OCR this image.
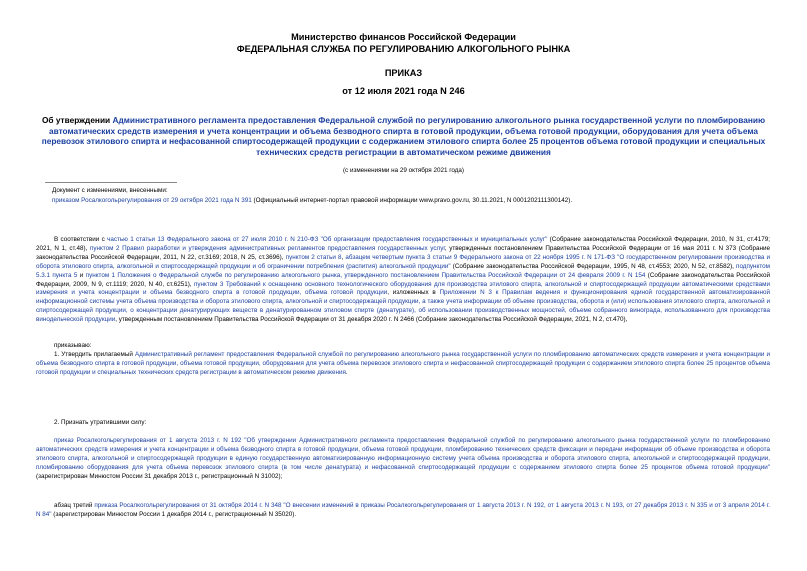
Министерство финансов Российской Федерации
ФЕДЕРАЛЬНАЯ СЛУЖБА ПО РЕГУЛИРОВАНИЮ АЛКОГОЛЬНОГО РЫНКА
ПРИКАЗ
от 12 июля 2021 года N 246
Об утверждении Административного регламента предоставления Федеральной службой по регулированию алкогольного рынка государственной услуги по пломбированию автоматических средств измерения и учета концентрации и объема безводного спирта в готовой продукции, объема готовой продукции, оборудования для учета объема перевозок этилового спирта и нефасованной спиртосодержащей продукции с содержанием этилового спирта более 25 процентов объема готовой продукции и специальных технических средств регистрации в автоматическом режиме движения
(с изменениями на 29 октября 2021 года)
Документ с изменениями, внесенными:
приказом Росалкогольрегулирования от 29 октября 2021 года N 391 (Официальный интернет-портал правовой информации www.pravo.gov.ru, 30.11.2021, N 0001202111300142).
В соответствии с частью 1 статьи 13 Федерального закона от 27 июля 2010 г. N 210-ФЗ "Об организации предоставления государственных и муниципальных услуг" (Собрание законодательства Российской Федерации, 2010, N 31, ст.4179; 2021, N 1, ст.48), пунктом 2 Правил разработки и утверждения административных регламентов предоставления государственных услуг, утвержденных постановлением Правительства Российской Федерации от 16 мая 2011 г. N 373 (Собрание законодательства Российской Федерации, 2011, N 22, ст.3169; 2018, N 25, ст.3696), пунктом 2 статьи 8, абзацем четвертым пункта 3 статьи 9 Федерального закона от 22 ноября 1995 г. N 171-ФЗ "О государственном регулировании производства и оборота этилового спирта, алкогольной и спиртосодержащей продукции и об ограничении потребления (распития) алкогольной продукции" (Собрание законодательства Российской Федерации, 1995, N 48, ст.4553; 2020, N 52, ст.8582), подпунктом 5.3.1 пункта 5 и пунктом 1 Положения о Федеральной службе по регулированию алкогольного рынка, утвержденного постановлением Правительства Российской Федерации от 24 февраля 2009 г. N 154 (Собрание законодательства Российской Федерации, 2009, N 9, ст.1119; 2020, N 40, ст.6251), пунктом 3 Требований к оснащению основного технологического оборудования для производства этилового спирта, алкогольной и спиртосодержащей продукции автоматическими средствами измерения и учета концентрации и объема безводного спирта в готовой продукции, объема готовой продукции, изложенных в Приложении N 3 к Правилам ведения и функционирования единой государственной автоматизированной информационной системы учета объема производства и оборота этилового спирта, алкогольной и спиртосодержащей продукции, а также учета информации об объеме производства, оборота и (или) использования этилового спирта, алкогольной и спиртосодержащей продукции, о концентрации денатурирующих веществ в денатурированном этиловом спирте (денатурате), об использовании производственных мощностей, объеме собранного винограда, использованного для производства винодельческой продукции, утвержденным постановлением Правительства Российской Федерации от 31 декабря 2020 г. N 2466 (Собрание законодательства Российской Федерации, 2021, N 2, ст.470),
приказываю:
1. Утвердить прилагаемый Административный регламент предоставления Федеральной службой по регулированию алкогольного рынка государственной услуги по пломбированию автоматических средств измерения и учета концентрации и объема безводного спирта в готовой продукции, объема готовой продукции, оборудования для учета объема перевозок этилового спирта и нефасованной спиртосодержащей продукции с содержанием этилового спирта более 25 процентов объема готовой продукции и специальных технических средств регистрации в автоматическом режиме движения.
2. Признать утратившими силу:
приказ Росалкогольрегулирования от 1 августа 2013 г. N 192 "Об утверждении Административного регламента предоставления Федеральной службой по регулированию алкогольного рынка государственной услуги по пломбированию автоматических средств измерения и учета концентрации и объема безводного спирта в готовой продукции, объема готовой продукции, пломбированию технических средств фиксации и передачи информации об объеме производства и оборота этилового спирта, алкогольной и спиртосодержащей продукции в единую государственную автоматизированную информационную систему учета объема производства и оборота этилового спирта, алкогольной и спиртосодержащей продукции, пломбированию оборудования для учета объема перевозок этилового спирта (в том числе денатурата) и нефасованной спиртосодержащей продукции с содержанием этилового спирта более 25 процентов объема готовой продукции" (зарегистрирован Минюстом России 31 декабря 2013 г., регистрационный N 31002);
абзац третий приказа Росалкогольрегулирования от 31 октября 2014 г. N 348 "О внесении изменений в приказы Росалкогольрегулирования от 1 августа 2013 г. N 192, от 1 августа 2013 г. N 193, от 27 декабря 2013 г. N 335 и от 3 апреля 2014 г. N 84" (зарегистрирован Минюстом России 1 декабря 2014 г., регистрационный N 35020).
